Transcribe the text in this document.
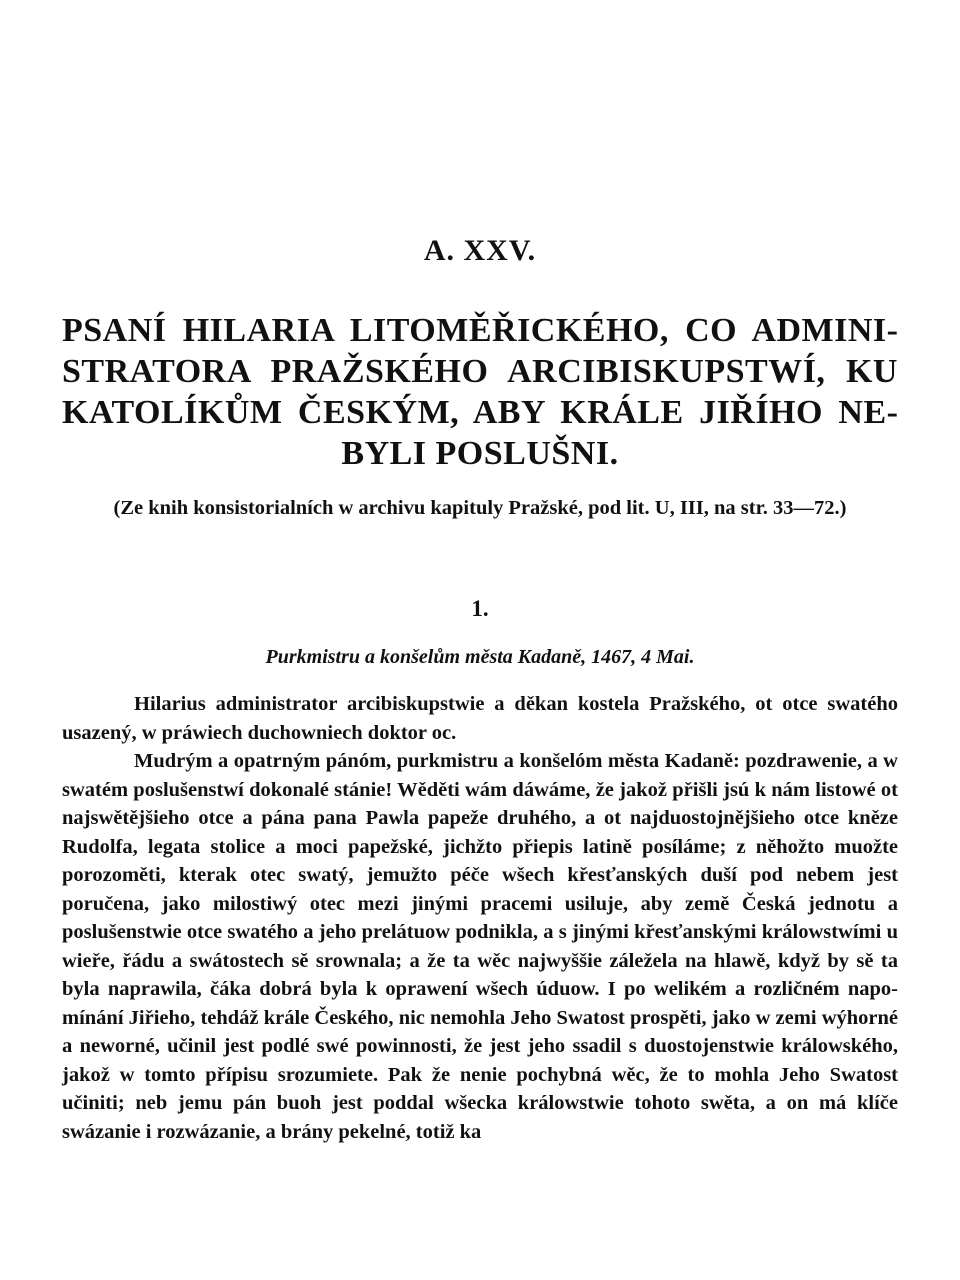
A. XXV.
PSANÍ HILARIA LITOMĚŘICKÉHO, CO ADMINISTRATORA PRAŽSKÉHO ARCIBISKUPSTWÍ, KU KATOLÍKŮM ČESKÝM, ABY KRÁLE JIŘÍHO NEBYLI POSLUŠNI.
(Ze knih konsistorialních w archivu kapituly Pražské, pod lit. U, III, na str. 33—72.)
1.
Purkmistru a konšelům města Kadaně, 1467, 4 Mai.

Hilarius administrator arcibiskupstwie a děkan kostela Pražského, ot otce swatého usazený, w práwiech duchowniech doktor oc.

Mudrým a opatrným pánóm, purkmistru a konšelóm města Kadaně: pozdrawenie, a w swatém poslušenstwí dokonalé stánie! Wěděti wám dáwáme, že jakož přišli jsú k nám listowé ot najswětějšieho otce a pána pana Pawla papeže druhého, a ot najduostojnějšieho otce kněze Rudolfa, legata stolice a moci papežské, jichžto přiepis latině posíláme; z něhožto muožte porozoměti, kterak otec swatý, jemužto péče wšech křesťanských duší pod nebem jest poručena, jako milostiwý otec mezi jinými pracemi usiluje, aby země Česká jednotu a poslušenstwie otce swatého a jeho prelátuow podnikla, a s jinými křesťanskými králowstwími u wieře, řádu a swátostech sě srownala; a že ta wěc najwyššie záležela na hlawě, když by sě ta byla naprawila, čáka dobrá byla k oprawení wšech úduow. I po welikém a rozličném napomínání Jiřieho, tehdáž krále Českého, nic nemohla Jeho Swatost prospěti, jako w zemi wýhorné a neworné, učinil jest podlé swé powinnosti, že jest jeho ssadil s duostojenstwie králowského, jakož w tomto přípisu srozumiete. Pak že nenie pochybná wěc, že to mohla Jeho Swatost učiniti; neb jemu pán buoh jest poddal wšecka králowstwie tohoto swěta, a on má klíče swázanie i rozwázanie, a brány pekelné, totiž ka
